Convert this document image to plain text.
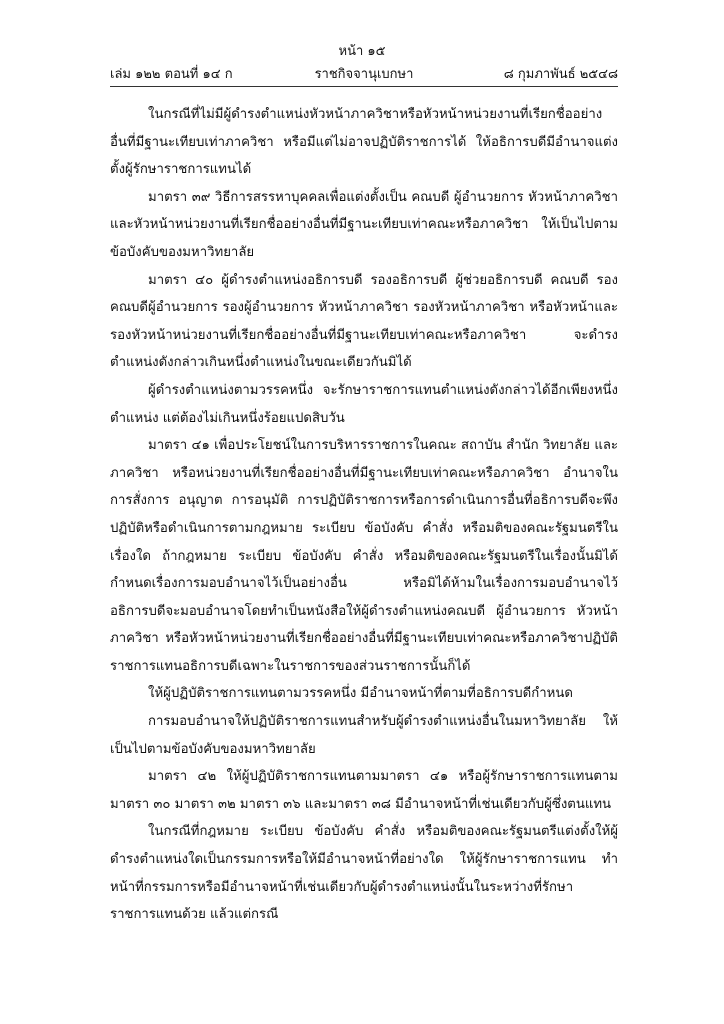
หน้า ๑๕
เล่ม ๑๒๒ ตอนที่ ๑๔ ก	ราชกิจจานุเบกษา	๘ กุมภาพันธ์ ๒๕๔๘

ในกรณีที่ไม่มีผู้ดำรงตำแหน่งหัวหน้าภาควิชาหรือหัวหน้าหน่วยงานที่เรียกชื่ออย่างอื่นที่มีฐานะเทียบเท่าภาควิชา หรือมีแต่ไม่อาจปฏิบัติราชการได้ ให้อธิการบดีมีอำนาจแต่งตั้งผู้รักษาราชการแทนได้

มาตรา ๓๙ วิธีการสรรหาบุคคลเพื่อแต่งตั้งเป็น คณบดี ผู้อำนวยการ หัวหน้าภาควิชาและหัวหน้าหน่วยงานที่เรียกชื่ออย่างอื่นที่มีฐานะเทียบเท่าคณะหรือภาควิชา ให้เป็นไปตามข้อบังคับของมหาวิทยาลัย

มาตรา ๔๐ ผู้ดำรงตำแหน่งอธิการบดี รองอธิการบดี ผู้ช่วยอธิการบดี คณบดี รองคณบดีผู้อำนวยการ รองผู้อำนวยการ หัวหน้าภาควิชา รองหัวหน้าภาควิชา หรือหัวหน้าและรองหัวหน้าหน่วยงานที่เรียกชื่ออย่างอื่นที่มีฐานะเทียบเท่าคณะหรือภาควิชา จะดำรงตำแหน่งดังกล่าวเกินหนึ่งตำแหน่งในขณะเดียวกันมิได้

ผู้ดำรงตำแหน่งตามวรรคหนึ่ง จะรักษาราชการแทนตำแหน่งดังกล่าวได้อีกเพียงหนึ่งตำแหน่ง แต่ต้องไม่เกินหนึ่งร้อยแปดสิบวัน

มาตรา ๔๑ เพื่อประโยชน์ในการบริหารราชการในคณะ สถาบัน สำนัก วิทยาลัย และภาควิชา หรือหน่วยงานที่เรียกชื่ออย่างอื่นที่มีฐานะเทียบเท่าคณะหรือภาควิชา อำนาจในการสั่งการ อนุญาต การอนุมัติ การปฏิบัติราชการหรือการดำเนินการอื่นที่อธิการบดีจะพึงปฏิบัติหรือดำเนินการตามกฎหมาย ระเบียบ ข้อบังคับ คำสั่ง หรือมติของคณะรัฐมนตรีในเรื่องใด ถ้ากฎหมาย ระเบียบ ข้อบังคับ คำสั่ง หรือมติของคณะรัฐมนตรีในเรื่องนั้นมิได้กำหนดเรื่องการมอบอำนาจไว้เป็นอย่างอื่น หรือมิได้ห้ามในเรื่องการมอบอำนาจไว้ อธิการบดีจะมอบอำนาจโดยทำเป็นหนังสือให้ผู้ดำรงตำแหน่งคณบดี ผู้อำนวยการ หัวหน้าภาควิชา หรือหัวหน้าหน่วยงานที่เรียกชื่ออย่างอื่นที่มีฐานะเทียบเท่าคณะหรือภาควิชาปฏิบัติราชการแทนอธิการบดีเฉพาะในราชการของส่วนราชการนั้นก็ได้

ให้ผู้ปฏิบัติราชการแทนตามวรรคหนึ่ง มีอำนาจหน้าที่ตามที่อธิการบดีกำหนด

การมอบอำนาจให้ปฏิบัติราชการแทนสำหรับผู้ดำรงตำแหน่งอื่นในมหาวิทยาลัย ให้เป็นไปตามข้อบังคับของมหาวิทยาลัย

มาตรา ๔๒ ให้ผู้ปฏิบัติราชการแทนตามมาตรา ๔๑ หรือผู้รักษาราชการแทนตามมาตรา ๓๐ มาตรา ๓๒ มาตรา ๓๖ และมาตรา ๓๘ มีอำนาจหน้าที่เช่นเดียวกับผู้ซึ่งตนแทน

ในกรณีที่กฎหมาย ระเบียบ ข้อบังคับ คำสั่ง หรือมติของคณะรัฐมนตรีแต่งตั้งให้ผู้ดำรงตำแหน่งใดเป็นกรรมการหรือให้มีอำนาจหน้าที่อย่างใด ให้ผู้รักษาราชการแทน ทำหน้าที่กรรมการหรือมีอำนาจหน้าที่เช่นเดียวกับผู้ดำรงตำแหน่งนั้นในระหว่างที่รักษาราชการแทนด้วย แล้วแต่กรณี
